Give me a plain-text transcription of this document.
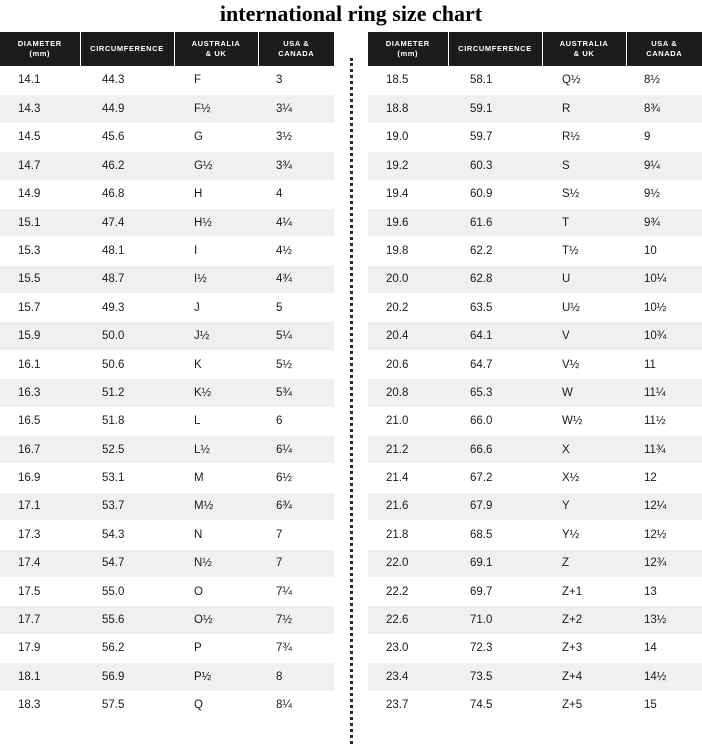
international ring size chart
DIAMETER
(mm)

CIRCUMFERENCE

AUSTRALIA
& UK

USA &
CANADA

14.1	44.3	F	3
14.3	44.9	F½	3¼
14.5	45.6	G	3½
14.7	46.2	G½	3¾
14.9	46.8	H	4
15.1	47.4	H½	4¼
15.3	48.1	I	4½
15.5	48.7	I½	4¾
15.7	49.3	J	5
15.9	50.0	J½	5¼
16.1	50.6	K	5½
16.3	51.2	K½	5¾
16.5	51.8	L	6
16.7	52.5	L½	6¼
16.9	53.1	M	6½
17.1	53.7	M½	6¾
17.3	54.3	N	7
17.4	54.7	N½	7
17.5	55.0	O	7¼
17.7	55.6	O½	7½
17.9	56.2	P	7¾
18.1	56.9	P½	8
18.3	57.5	Q	8¼
DIAMETER
(mm)

CIRCUMFERENCE

AUSTRALIA
& UK

USA &
CANADA

18.5	58.1	Q½	8½
18.8	59.1	R	8¾
19.0	59.7	R½	9
19.2	60.3	S	9¼
19.4	60.9	S½	9½
19.6	61.6	T	9¾
19.8	62.2	T½	10
20.0	62.8	U	10¼
20.2	63.5	U½	10½
20.4	64.1	V	10¾
20.6	64.7	V½	11
20.8	65.3	W	11¼
21.0	66.0	W½	11½
21.2	66.6	X	11¾
21.4	67.2	X½	12
21.6	67.9	Y	12¼
21.8	68.5	Y½	12½
22.0	69.1	Z	12¾
22.2	69.7	Z+1	13
22.6	71.0	Z+2	13½
23.0	72.3	Z+3	14
23.4	73.5	Z+4	14½
23.7	74.5	Z+5	15
